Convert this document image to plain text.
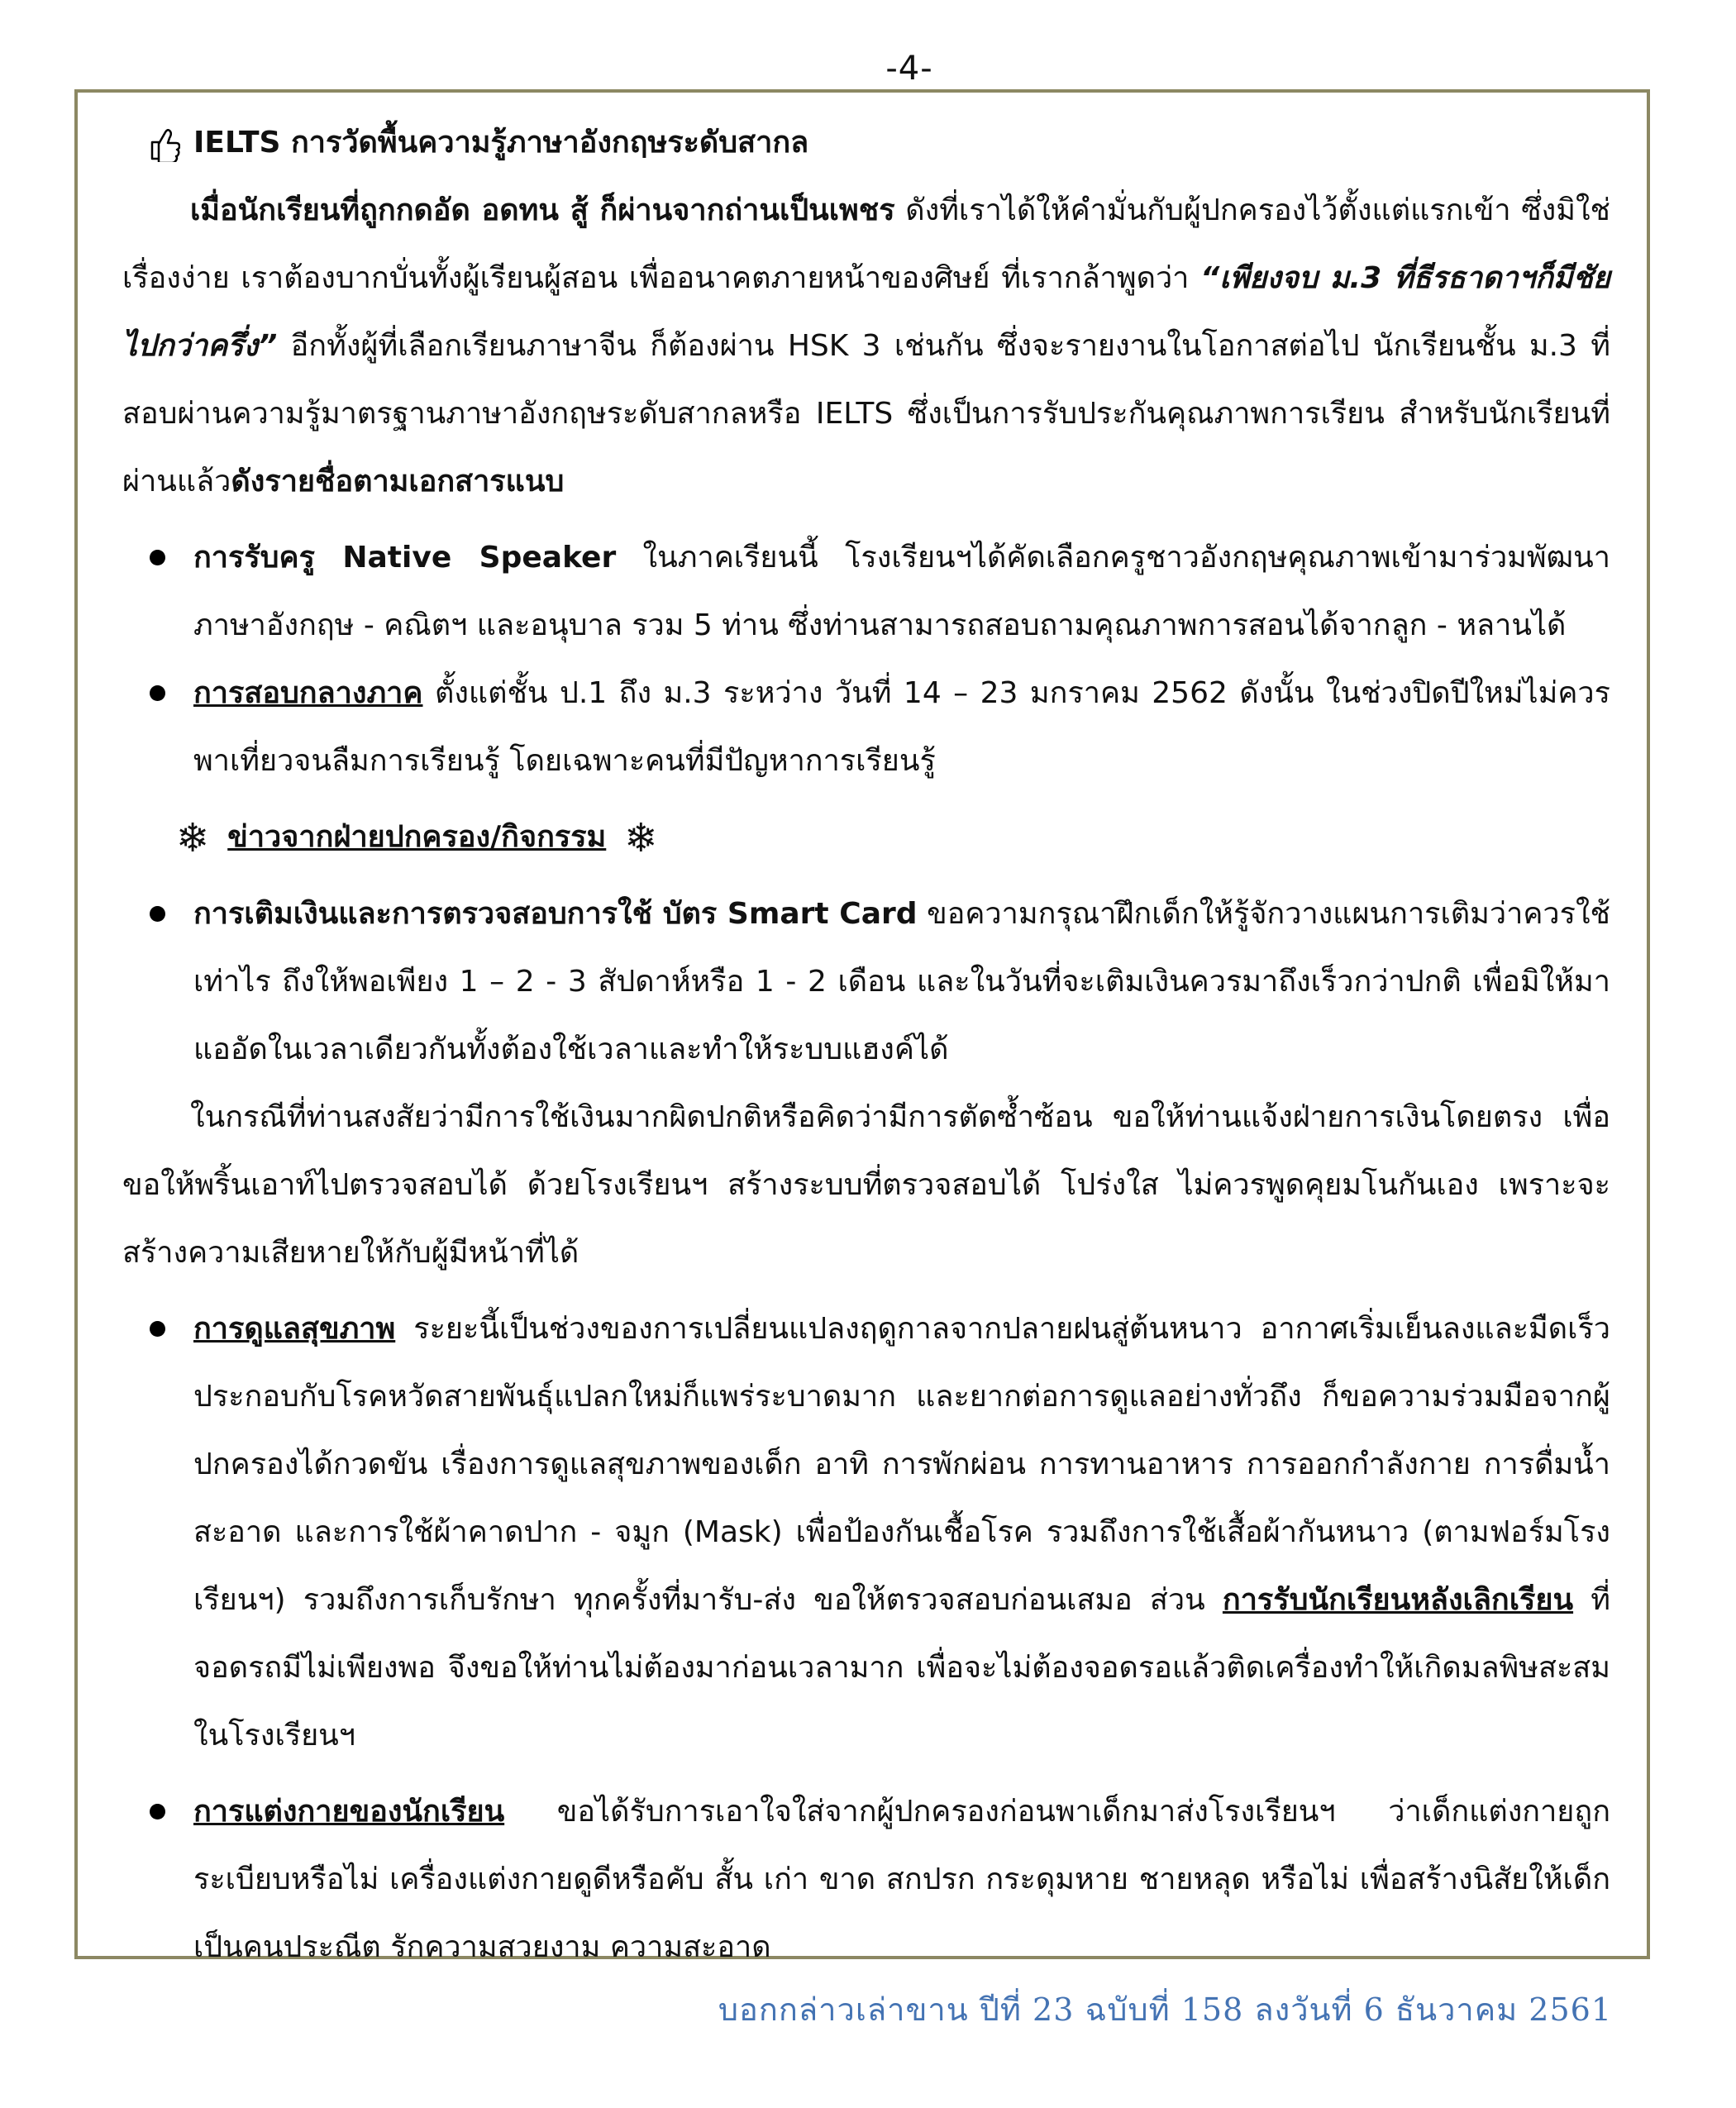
-4-
IELTS การวัดพื้นความรู้ภาษาอังกฤษระดับสากล

เมื่อนักเรียนที่ถูกกดอัด อดทน สู้ ก็ผ่านจากถ่านเป็นเพชร ดังที่เราได้ให้คำมั่นกับผู้ปกครองไว้ตั้งแต่แรกเข้า ซึ่งมิใช่เรื่องง่าย เราต้องบากบั่นทั้งผู้เรียนผู้สอน เพื่ออนาคตภายหน้าของศิษย์ ที่เรากล้าพูดว่า “เพียงจบ ม.3 ที่ธีรธาดาฯก็มีชัยไปกว่าครึ่ง” อีกทั้งผู้ที่เลือกเรียนภาษาจีน ก็ต้องผ่าน HSK 3 เช่นกัน ซึ่งจะรายงานในโอกาสต่อไป นักเรียนชั้น ม.3 ที่สอบผ่านความรู้มาตรฐานภาษาอังกฤษระดับสากลหรือ IELTS ซึ่งเป็นการรับประกันคุณภาพการเรียน สำหรับนักเรียนที่ผ่านแล้วดังรายชื่อตามเอกสารแนบ

การรับครู Native Speaker ในภาคเรียนนี้ โรงเรียนฯได้คัดเลือกครูชาวอังกฤษคุณภาพเข้ามาร่วมพัฒนาภาษาอังกฤษ - คณิตฯ และอนุบาล รวม 5 ท่าน ซึ่งท่านสามารถสอบถามคุณภาพการสอนได้จากลูก - หลานได้

การสอบกลางภาค ตั้งแต่ชั้น ป.1 ถึง ม.3 ระหว่าง วันที่ 14 – 23 มกราคม 2562 ดังนั้น ในช่วงปิดปีใหม่ไม่ควรพาเที่ยวจนลืมการเรียนรู้ โดยเฉพาะคนที่มีปัญหาการเรียนรู้

❄ ข่าวจากฝ่ายปกครอง/กิจกรรม ❄

การเติมเงินและการตรวจสอบการใช้ บัตร Smart Card ขอความกรุณาฝึกเด็กให้รู้จักวางแผนการเติมว่าควรใช้เท่าไร ถึงให้พอเพียง 1 – 2 - 3 สัปดาห์หรือ 1 - 2 เดือน และในวันที่จะเติมเงินควรมาถึงเร็วกว่าปกติ เพื่อมิให้มาแออัดในเวลาเดียวกันทั้งต้องใช้เวลาและทำให้ระบบแฮงค์ได้

ในกรณีที่ท่านสงสัยว่ามีการใช้เงินมากผิดปกติหรือคิดว่ามีการตัดซ้ำซ้อน ขอให้ท่านแจ้งฝ่ายการเงินโดยตรง เพื่อขอให้พริ้นเอาท์ไปตรวจสอบได้ ด้วยโรงเรียนฯ สร้างระบบที่ตรวจสอบได้ โปร่งใส ไม่ควรพูดคุยมโนกันเอง เพราะจะสร้างความเสียหายให้กับผู้มีหน้าที่ได้

การดูแลสุขภาพ ระยะนี้เป็นช่วงของการเปลี่ยนแปลงฤดูกาลจากปลายฝนสู่ต้นหนาว อากาศเริ่มเย็นลงและมืดเร็ว ประกอบกับโรคหวัดสายพันธุ์แปลกใหม่ก็แพร่ระบาดมาก และยากต่อการดูแลอย่างทั่วถึง ก็ขอความร่วมมือจากผู้ปกครองได้กวดขัน เรื่องการดูแลสุขภาพของเด็ก อาทิ การพักผ่อน การทานอาหาร การออกกำลังกาย การดื่มน้ำสะอาด และการใช้ผ้าคาดปาก - จมูก (Mask) เพื่อป้องกันเชื้อโรค รวมถึงการใช้เสื้อผ้ากันหนาว (ตามฟอร์มโรงเรียนฯ) รวมถึงการเก็บรักษา ทุกครั้งที่มารับ-ส่ง ขอให้ตรวจสอบก่อนเสมอ ส่วน การรับนักเรียนหลังเลิกเรียน ที่จอดรถมีไม่เพียงพอ จึงขอให้ท่านไม่ต้องมาก่อนเวลามาก เพื่อจะไม่ต้องจอดรอแล้วติดเครื่องทำให้เกิดมลพิษสะสมในโรงเรียนฯ

การแต่งกายของนักเรียน ขอได้รับการเอาใจใส่จากผู้ปกครองก่อนพาเด็กมาส่งโรงเรียนฯ ว่าเด็กแต่งกายถูกระเบียบหรือไม่ เครื่องแต่งกายดูดีหรือคับ สั้น เก่า ขาด สกปรก กระดุมหาย ชายหลุด หรือไม่ เพื่อสร้างนิสัยให้เด็กเป็นคนประณีต รักความสวยงาม ความสะอาด

บอกกล่าวเล่าขาน ปีที่ 23 ฉบับที่ 158 ลงวันที่ 6 ธันวาคม 2561
